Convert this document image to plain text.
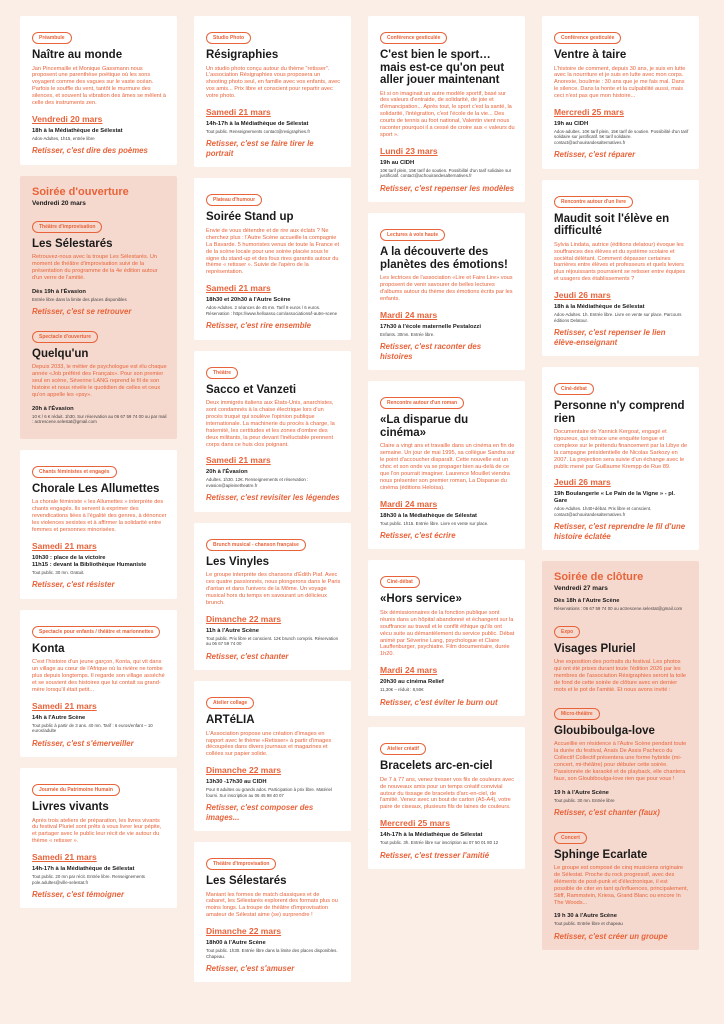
Préambule
Naître au monde

Jan Pincemaille et Monique Gassmann nous proposent une parenthèse poétique où les sons voyagent comme des vagues sur le vaste océan. Parfois le souffle du vent, tantôt le murmure des silences, et souvent la vibration des âmes se mêlent à celle des instruments zen.

Vendredi 20 mars
18h à la Médiathèque de Sélestat
Ados-Adultes, 1h15, entrée libre
Retisser, c'est dire des poèmes
Soirée d'ouverture
Vendredi 20 mars
Théâtre d'improvisation
Les Sélestarés

Retrouvez-nous avec la troupe Les Sélestarés. Un moment de théâtre d'improvisation suivi de la présentation du programme de la 4e édition autour d'un verre de l'amitié.

Dès 19h à l'Évasion
Entrée libre dans la limite des places disponibles
Retisser, c'est se retrouver
Spectacle d'ouverture
Quelqu'un

Depuis 2033, le métier de psychologue est élu chaque année «Job préféré des Français». Pour son premier seul en scène, Séverine LANG reprend le fil de son histoire et nous révèle le quotidien de celles et ceux qu'on appelle les «psy».

20h à l'Évasion
10 € / 6 € réduit. 1h30. Sur réservation au 06 67 59 74 00 ou par mail : actrescene.selestat@gmail.com
Chants féministes et engagés
Chorale Les Allumettes

La chorale féministe « les Allumettes » interprète des chants engagés. Ils servent à exprimer des revendications liées à l'égalité des genres, à dénoncer les violences sexistes et à affirmer la solidarité entre femmes et personnes minorisées.

Samedi 21 mars
10h30 : place de la victoire
11h15 : devant la Bibliothèque Humaniste
Tout public. 30 mn. Gratuit.
Retisser, c'est résister
Spectacle pour enfants / théâtre et marionnettes
Konta

C'est l'histoire d'un jeune garçon, Konta, qui vit dans un village au cœur de l'Afrique où la rivière ne tombe plus depuis longtemps. Il regarde son village asséché et se souvient des histoires que lui contait sa grand-mère lorsqu'il était petit...

Samedi 21 mars
14h à l'Autre Scène
Tout public à partir de 3 ans. 40 mn. Tarif : 6 euros/enfant – 10 euros/adulte
Retisser, c'est s'émerveiller
Journée du Patrimoine Humain
Livres vivants

Après trois ateliers de préparation, les livres vivants du festival Pluriel sont prêts à vous livrer leur pépite, et partager avec le public leur récit de vie autour du thème « retisser ».

Samedi 21 mars
14h-17h à la Médiathèque de Sélestat
Tout public. 20 mn par récit. Entrée libre. Renseignements pole.adultes@ville-selestat.fr
Retisser, c'est témoigner
Studio Photo
Résigraphies

Un studio photo conçu autour du thème "retisser". L'association Résigraphies vous proposera un shooting photo seul, en famille avec vos enfants, avec vos amis... Prix libre et conscient pour repartir avec votre photo.

Samedi 21 mars
14h-17h à la Médiathèque de Sélestat
Tout public. Renseignements contact@resigraphies.fr
Retisser, c'est se faire tirer le portrait
Plateau d'humour
Soirée Stand up

Envie de vous détendre et de rire aux éclats ? Ne cherchez plus : l'Autre Scène accueille la compagnie La Bavarde. 5 humoristes venus de toute la France et de la scène locale pour une soirée placée sous le signe du stand-up et des fous rires garantis autour du thème « retisser ». Suivie de l'apéro de la représentation.

Samedi 21 mars
18h30 et 20h30 à l'Autre Scène
Ados-Adultes. 2 séances de 45 mn. Tarif 8 euros / 6 euros. Réservation : https://www.helloasso.com/associations/l-autre-scene
Retisser, c'est rire ensemble
Théâtre
Sacco et Vanzeti

Deux immigrés italiens aux États-Unis, anarchistes, sont condamnés à la chaise électrique lors d'un procès truqué qui soulève l'opinion publique internationale. La machinerie du procès à charge, la fraternité, les certitudes et les zones d'ombre des deux militants, la peur devant l'inéluctable prennent corps dans ce huis clos poignant.

Samedi 21 mars
20h à l'Évasion
Adultes. 1h30. 12€. Renseignements et réservation : evasion@apleinetheatre.fr
Retisser, c'est revisiter les légendes
Brunch musical - chanson française
Les Vinyles

Le groupe interprète des chansons d'Édith Piaf. Avec ces quatre passionnés, nous plongerons dans le Paris d'antan et dans l'univers de la Môme. Un voyage musical hors du temps en savourant un délicieux brunch.

Dimanche 22 mars
11h à l'Autre Scène
Tout public. Prix libre et conscient. 12€ brunch compris. Réservation au 06 67 59 74 00
Retisser, c'est chanter
Atelier collage
ARTéLIA

L'Association propose une création d'images en rapport avec le thème «Retisser» à partir d'images découpées dans divers journaux et magazines et collées sur papier solide.

Dimanche 22 mars
13h30 -17h30 au CIDH
Pour 8 adultes ou grands ados. Participation à prix libre. Matériel fourni. Sur inscription au 06 45 98 40 07
Retisser, c'est composer des images...
Théâtre d'improvisation
Les Sélestarés

Maniant les formes de match classiques et de cabaret, les Sélestarés explorent des formats plus ou moins longs. La troupe de théâtre d'improvisation amateur de Sélestat aime (se) surprendre !

Dimanche 22 mars
18h00 à l'Autre Scène
Tout public. 1h30. Entrée libre dans la limite des places disponibles. Chapeau.
Retisser, c'est s'amuser
Conférence gesticulée
C'est bien le sport… mais est-ce qu'on peut aller jouer maintenant

Et si on imaginait un autre modèle sportif, basé sur des valeurs d'entraide, de solidarité, de joie et d'émancipation... Après tout, le sport c'est la santé, la solidarité, l'intégration, c'est l'école de la vie... Des courts de tennis au foot national, Valentin vient nous raconter pourquoi il a cessé de croire aux « valeurs du sport ».

Lundi 23 mars
19h au CIDH
10€ tarif plein, 15€ tarif de soutien. Possibilité d'un tarif solidaire sur justificatif. contact@achouirandesalternatives.fr
Retisser, c'est repenser les modèles
Lectures à voix haute
A la découverte des planètes des émotions!

Les lectrices de l'association «Lire et Faire Lire» vous proposent de venir savourer de belles lectures d'albums autour du thème des émotions écrits par les enfants.

Mardi 24 mars
17h30 à l'école maternelle Pestalozzi
Enfants. 30mn. Entrée libre.
Retisser, c'est raconter des histoires
Rencontre autour d'un roman
«La disparue du cinéma»

Claire a vingt ans et travaille dans un cinéma en fin de semaine. Un jour de mai 1995, sa collègue Sandra sur le point d'accoucher disparaît. Cette nouvelle est un choc et son onde va se propager bien au-delà de ce que l'on pourrait imaginer. Laurence Mouillet viendra nous présenter son premier roman, La Disparue du cinéma (éditions Heloïsa).

Mardi 24 mars
18h30 à la Médiathèque de Sélestat
Tout public. 1h15. Entrée libre. Livre en vente sur place.
Retisser, c'est écrire
Ciné-débat
«Hors service»

Six démissionnaires de la fonction publique sont réunis dans un hôpital abandonné et échangent sur la souffrance au travail et le conflit éthique qu'ils ont vécu suite au démantèlement du service public. Débat animé par Séverine Lang, psychologue et Claire Lauffenburger, psychiatre. Film documentaire, durée 1h20.

Mardi 24 mars
20h30 au cinéma Relief
11,30€ – réduit : 8,50€
Retisser, c'est éviter le burn out
Atelier créatif
Bracelets arc-en-ciel

De 7 à 77 ans, venez tresser vos fils de couleurs avec de nouveaux amis pour un temps créatif convivial autour du tissage de bracelets d'arc-en-ciel, de l'amitié. Venez avec un bout de carton (A5-A4), votre paire de ciseaux, plusieurs fils de laines de couleurs.

Mercredi 25 mars
14h-17h à la Médiathèque de Sélestat
Tout public. 3h. Entrée libre sur inscription au 07 50 01 80 12
Retisser, c'est tresser l'amitié
Conférence gesticulée
Ventre à taire

L'histoire de comment, depuis 30 ans, je suis en lutte avec la nourriture et je suis en lutte avec mon corps. Anorexie, boulimie : 30 ans que je me fais mal. Dans le silence. Dans la honte et la culpabilité aussi, mais ceci n'est pas que mon histoire...

Mercredi 25 mars
19h au CIDH
Ados-adultes. 10€ tarif plein, 15€ tarif de soutien. Possibilité d'un tarif solidaire sur justificatif. 5€ tarif solidaire. contact@achouirandesalternatives.fr
Retisser, c'est réparer
Rencontre autour d'un livre
Maudit soit l'élève en difficulté

Sylvia Lindata, autrice (éditions delatour) évoque les souffrances des élèves et du système scolaire et sociétal délétant. Comment dépasser certaines barrières entre élèves et professeurs et quels leviers plus réjouissants pourraient se retisser entre équipes et usagers des établissements ?

Jeudi 26 mars
18h à la Médiathèque de Sélestat
Ados-Adultes. 1h. Entrée libre. Livre en vente sur place. Parcours éditions Delatour.
Retisser, c'est repenser le lien élève-enseignant
Ciné-débat
Personne n'y comprend rien

Documentaire de Yannick Kergoat, engagé et rigoureux, qui retrace une enquête longue et complexe sur le prétendu financement par la Libye de la campagne présidentielle de Nicolas Sarkozy en 2007. La projection sera suivie d'un échange avec le public mené par Guillaume Krempp de Rue 89.

Jeudi 26 mars
19h Boulangerie « Le Pain de la Vigne » - pl. Gare
Ados-Adultes. 1h40+débat. Prix libre et conscient. contact@achouirandesalternatives.fr
Retisser, c'est reprendre le fil d'une histoire éclatée
Soirée de clôture
Vendredi 27 mars
Dès 18h à l'Autre Scène
Réservations : 06 67 59 74 00 ou actrescene.selestat@gmail.com
Expo
Visages Pluriel

Une exposition des portraits du festival. Les photos qui ont été prises durant toute l'édition 2026 par les membres de l'association Résigraphies seront la toile de fond de cette soirée de clôture avec en dernier mots et le pot de l'amitié. Et nous avons invité :

Micro-théâtre
Gloubiboulga-love

Accueillie en résidence à l'Autre Scène pendant toute la durée du festival, Anaïs De Assis Pacheco du Collectif Collectif présentera une forme hybride (mi-concert, mi-théâtre) pour débuter cette soirée. Passionnée de karaoké et de playback, elle chantera faux, son Gloubiboulga-love rien que pour vous !

19 h à l'Autre Scène
Tout public. 30 mn. Entrée libre
Retisser, c'est chanter (faux)
Concert
Sphinge Ecarlate

Le groupe est composé de cinq musiciens originaire de Sélestat. Proche du rock progressif, avec des éléments de post-punk et d'électronique, il est possible de citer en tant qu'influences, principalement, Stiff, Rammstein, Kriesa, Grand Blanc ou encore In The Woods...

19 h 30 à l'Autre Scène
Tout public. Entrée libre et chapeau
Retisser, c'est créer un groupe
